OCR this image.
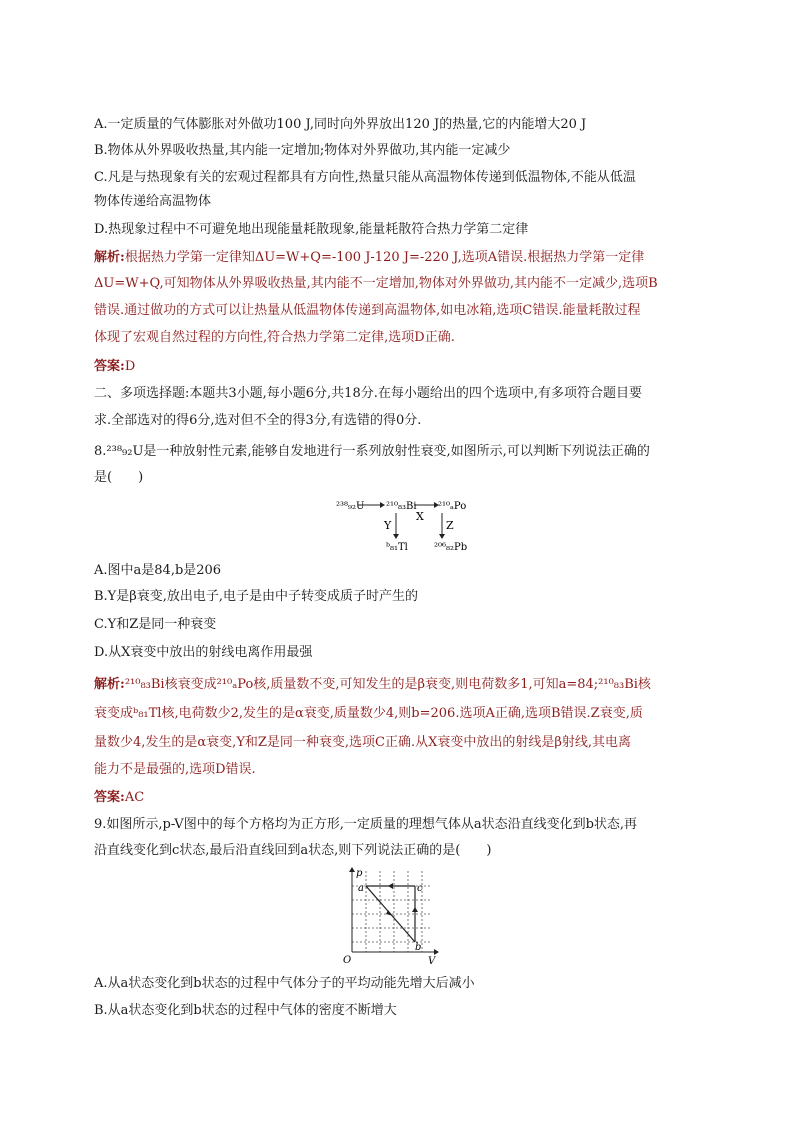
A.一定质量的气体膨胀对外做功100 J,同时向外界放出120 J的热量,它的内能增大20 J
B.物体从外界吸收热量,其内能一定增加;物体对外界做功,其内能一定减少
C.凡是与热现象有关的宏观过程都具有方向性,热量只能从高温物体传递到低温物体,不能从低温
物体传递给高温物体
D.热现象过程中不可避免地出现能量耗散现象,能量耗散符合热力学第二定律
解析:根据热力学第一定律知ΔU=W+Q=-100 J-120 J=-220 J,选项A错误.根据热力学第一定律
ΔU=W+Q,可知物体从外界吸收热量,其内能不一定增加,物体对外界做功,其内能不一定减少,选项B
错误.通过做功的方式可以让热量从低温物体传递到高温物体,如电冰箱,选项C错误.能量耗散过程
体现了宏观自然过程的方向性,符合热力学第二定律,选项D正确.
答案:D
二、多项选择题:本题共3小题,每小题6分,共18分.在每小题给出的四个选项中,有多项符合题目要
求.全部选对的得6分,选对但不全的得3分,有选错的得0分.
8.²³⁸₉₂U是一种放射性元素,能够自发地进行一系列放射性衰变,如图所示,可以判断下列说法正确的
是(　　)
²³⁸₉₂U ²¹⁰₈₃Bi
X
²¹⁰ₐPo
Y	Z
ᵇ₈₁Tl	²⁰⁶₈₂Pb
A.图中a是84,b是206
B.Y是β衰变,放出电子,电子是由中子转变成质子时产生的
C.Y和Z是同一种衰变
D.从X衰变中放出的射线电离作用最强
解析:²¹⁰₈₃Bi核衰变成²¹⁰ₐPo核,质量数不变,可知发生的是β衰变,则电荷数多1,可知a=84;²¹⁰₈₃Bi核
衰变成ᵇ₈₁Tl核,电荷数少2,发生的是α衰变,质量数少4,则b=206.选项A正确,选项B错误.Z衰变,质
量数少4,发生的是α衰变,Y和Z是同一种衰变,选项C正确.从X衰变中放出的射线是β射线,其电离
能力不是最强的,选项D错误.
答案:AC
9.如图所示,p-V图中的每个方格均为正方形,一定质量的理想气体从a状态沿直线变化到b状态,再
沿直线变化到c状态,最后沿直线回到a状态,则下列说法正确的是(　　)
p
V
O
a	c
b
A.从a状态变化到b状态的过程中气体分子的平均动能先增大后减小
B.从a状态变化到b状态的过程中气体的密度不断增大
